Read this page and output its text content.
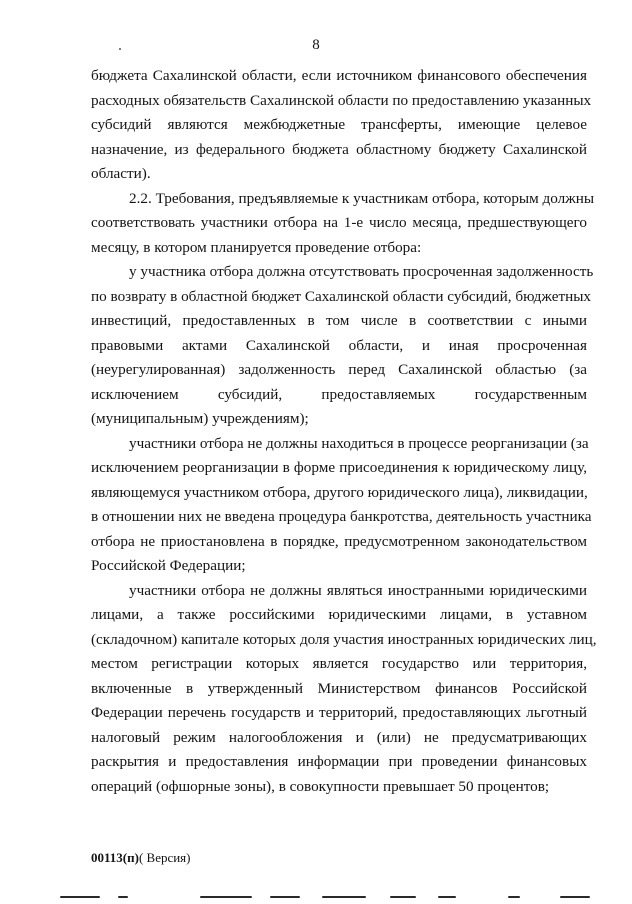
8
бюджета Сахалинской области, если источником финансового обеспечения
расходных обязательств Сахалинской области по предоставлению указанных
субсидий являются межбюджетные трансферты, имеющие целевое
назначение, из федерального бюджета областному бюджету Сахалинской
области).
2.2. Требования, предъявляемые к участникам отбора, которым должны
соответствовать участники отбора на 1-е число месяца, предшествующего
месяцу, в котором планируется проведение отбора:
у участника отбора должна отсутствовать просроченная задолженность
по возврату в областной бюджет Сахалинской области субсидий, бюджетных
инвестиций, предоставленных в том числе в соответствии с иными
правовыми актами Сахалинской области, и иная просроченная
(неурегулированная) задолженность перед Сахалинской областью (за
исключением субсидий, предоставляемых государственным
(муниципальным) учреждениям);
участники отбора не должны находиться в процессе реорганизации (за
исключением реорганизации в форме присоединения к юридическому лицу,
являющемуся участником отбора, другого юридического лица), ликвидации,
в отношении них не введена процедура банкротства, деятельность участника
отбора не приостановлена в порядке, предусмотренном законодательством
Российской Федерации;
участники отбора не должны являться иностранными юридическими
лицами, а также российскими юридическими лицами, в уставном
(складочном) капитале которых доля участия иностранных юридических лиц,
местом регистрации которых является государство или территория,
включенные в утвержденный Министерством финансов Российской
Федерации перечень государств и территорий, предоставляющих льготный
налоговый режим налогообложения и (или) не предусматривающих
раскрытия и предоставления информации при проведении финансовых
операций (офшорные зоны), в совокупности превышает 50 процентов;
00113(п)( Версия)
